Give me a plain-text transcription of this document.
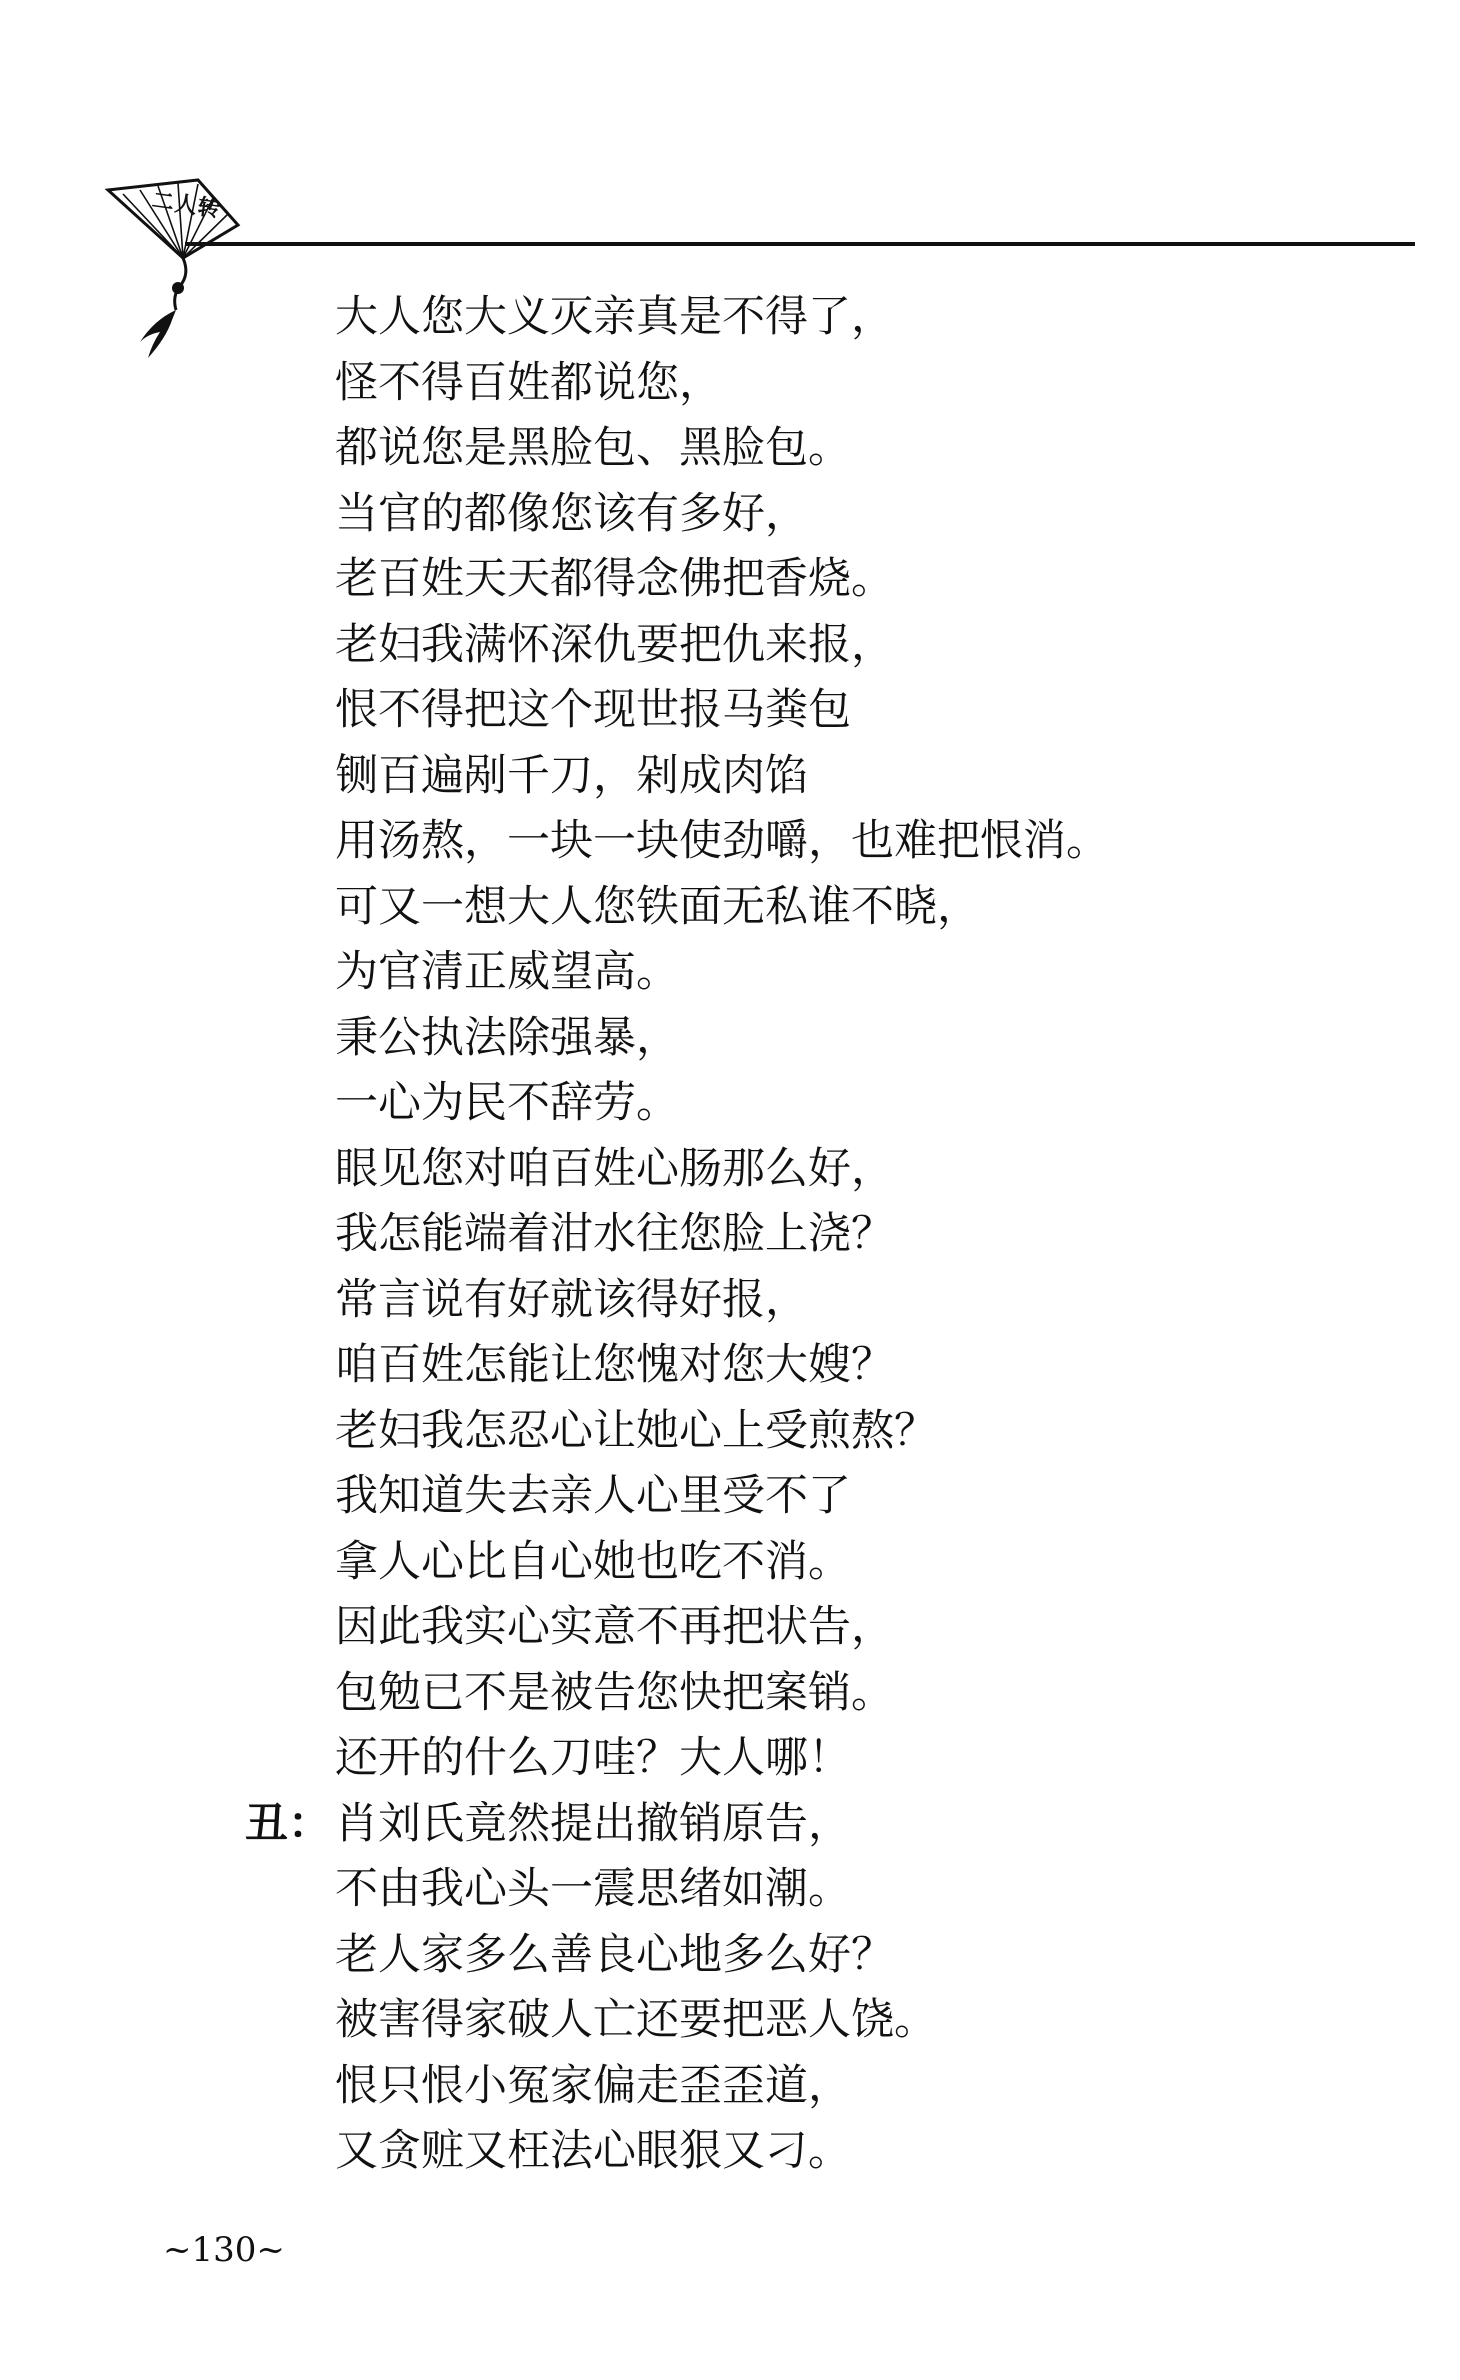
二人转
大人您大义灭亲真是不得了，
怪不得百姓都说您，
都说您是黑脸包、黑脸包。
当官的都像您该有多好，
老百姓天天都得念佛把香烧。
老妇我满怀深仇要把仇来报，
恨不得把这个现世报马粪包
铡百遍剐千刀，剁成肉馅
用汤熬，一块一块使劲嚼，也难把恨消。
可又一想大人您铁面无私谁不晓，
为官清正威望高。
秉公执法除强暴，
一心为民不辞劳。
眼见您对咱百姓心肠那么好，
我怎能端着泔水往您脸上浇？
常言说有好就该得好报，
咱百姓怎能让您愧对您大嫂？
老妇我怎忍心让她心上受煎熬？
我知道失去亲人心里受不了
拿人心比自心她也吃不消。
因此我实心实意不再把状告，
包勉已不是被告您快把案销。
还开的什么刀哇？大人哪！
丑： 肖刘氏竟然提出撤销原告，
不由我心头一震思绪如潮。
老人家多么善良心地多么好？
被害得家破人亡还要把恶人饶。
恨只恨小冤家偏走歪歪道，
又贪赃又枉法心眼狠又刁。
~130~
